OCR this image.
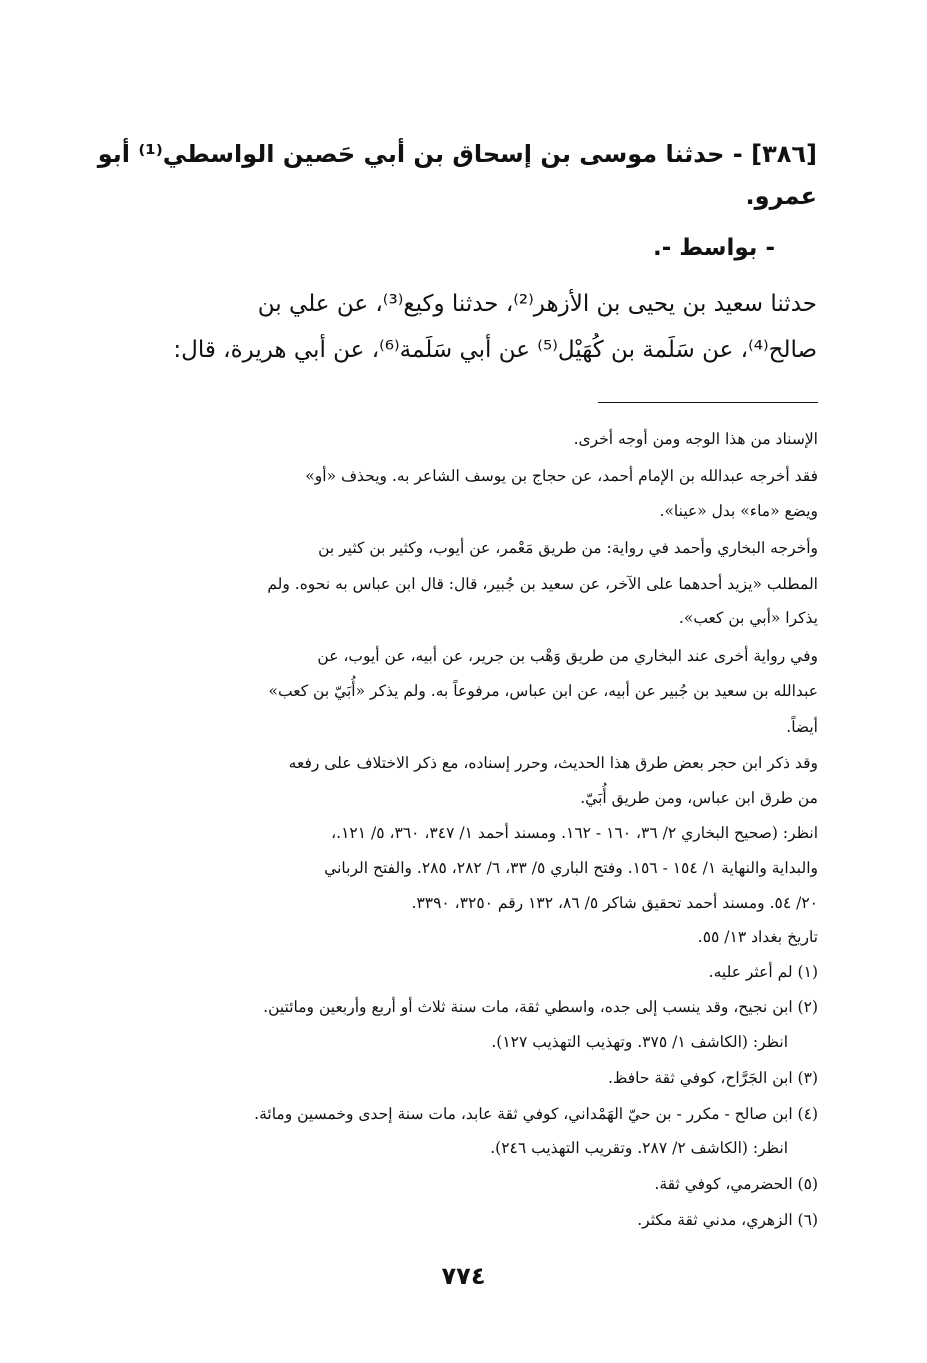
[٣٨٦] - حدثنا موسى بن إسحاق بن أبي حَصين الواسطي⁽¹⁾ أبو
عمرو.
- بواسط -.
حدثنا سعيد بن يحيى بن الأزهر⁽²⁾، حدثنا وكيع⁽³⁾، عن علي بن
صالح⁽⁴⁾، عن سَلَمة بن كُهَيْل⁽⁵⁾ عن أبي سَلَمة⁽⁶⁾، عن أبي هريرة، قال:
الإسناد من هذا الوجه ومن أوجه أخرى.
فقد أخرجه عبدالله بن الإمام أحمد، عن حجاج بن يوسف الشاعر به. ويحذف «أو»
ويضع «ماء» بدل «عينا».
وأخرجه البخاري وأحمد في رواية: من طريق مَعْمر، عن أيوب، وكثير بن كثير بن
المطلب «يزيد أحدهما على الآخر، عن سعيد بن جُبير، قال: قال ابن عباس به نحوه. ولم
يذكرا «أبي بن كعب».
وفي رواية أخرى عند البخاري من طريق وَهْب بن جرير، عن أبيه، عن أيوب، عن
عبدالله بن سعيد بن جُبير عن أبيه، عن ابن عباس، مرفوعاً به. ولم يذكر «أُبَيّ بن كعب»
أيضاً.
وقد ذكر ابن حجر بعض طرق هذا الحديث، وحرر إسناده، مع ذكر الاختلاف على رفعه
من طرق ابن عباس، ومن طريق أُبَيّ.
انظر: (صحيح البخاري ٢/ ٣٦، ١٦٠ - ١٦٢. ومسند أحمد ١/ ٣٤٧، ٣٦٠، ٥/ ١٢١.،
والبداية والنهاية ١/ ١٥٤ - ١٥٦. وفتح الباري ٥/ ٣٣، ٦/ ٢٨٢، ٢٨٥. والفتح الرباني
٢٠/ ٥٤. ومسند أحمد تحقيق شاكر ٥/ ٨٦، ١٣٢ رقم ٣٢٥٠، ٣٣٩٠.
تاريخ بغداد ١٣/ ٥٥.
(١) لم أعثر عليه.
(٢) ابن نجيح، وقد ينسب إلى جده، واسطي ثقة، مات سنة ثلاث أو أربع وأربعين ومائتين.
انظر: (الكاشف ١/ ٣٧٥. وتهذيب التهذيب ١٢٧).
(٣) ابن الجَرَّاح، كوفي ثقة حافظ.
(٤) ابن صالح - مكرر - بن حيّ الهَمْداني، كوفي ثقة عابد، مات سنة إحدى وخمسين ومائة.
انظر: (الكاشف ٢/ ٢٨٧. وتقريب التهذيب ٢٤٦).
(٥) الحضرمي، كوفي ثقة.
(٦) الزهري، مدني ثقة مكثر.
٧٧٤
